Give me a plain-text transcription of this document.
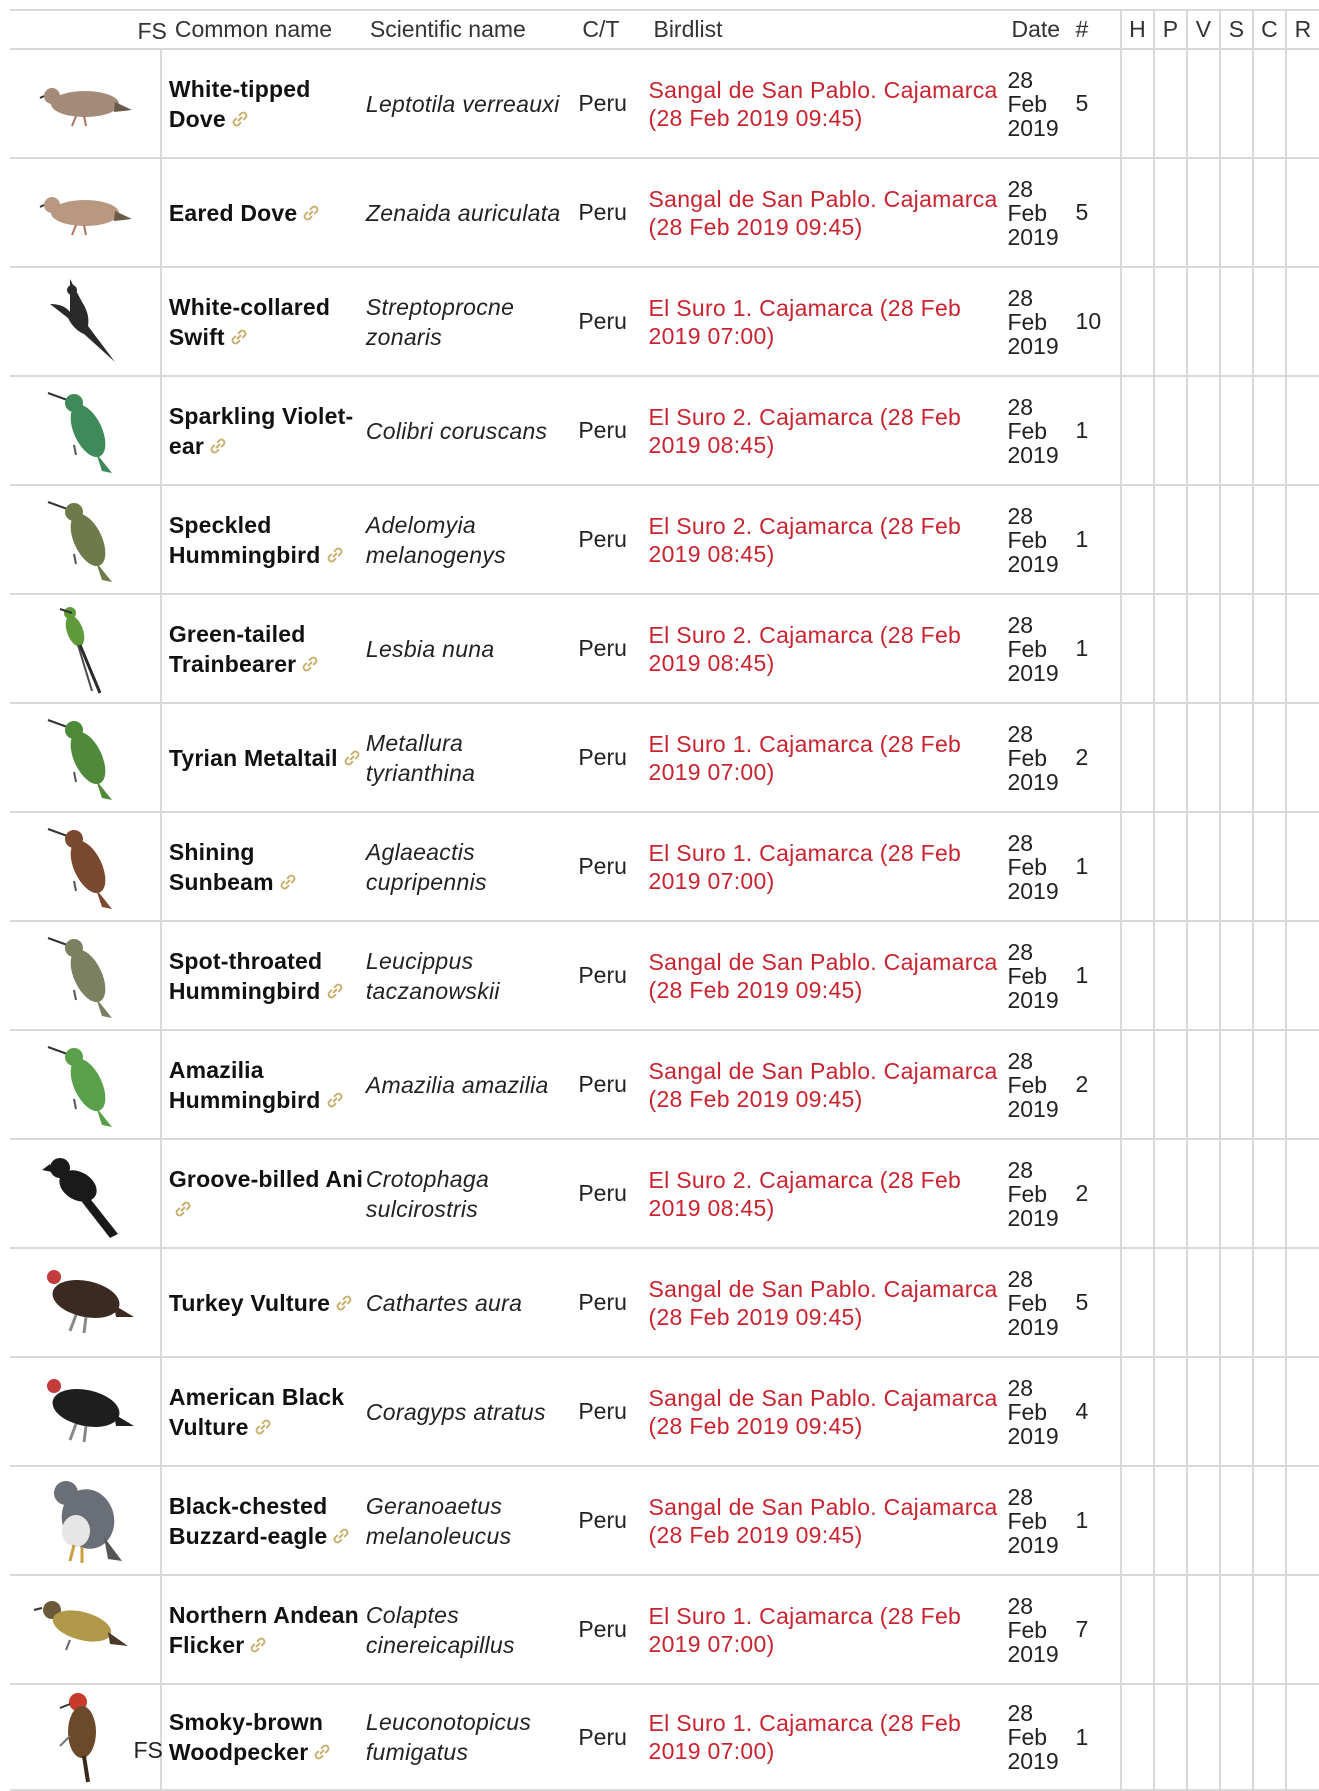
	FS	Common name	Scientific name	C/T	Birdlist	Date	#	H	P	V	S	C	R

	White-tipped Dove	Leptotila verreauxi	Peru	Sangal de San Pablo. Cajamarca (28 Feb 2019 09:45)	28
Feb
2019	5						

	Eared Dove	Zenaida auriculata	Peru	Sangal de San Pablo. Cajamarca (28 Feb 2019 09:45)	28
Feb
2019	5						

	White-collared Swift	Streptoprocne zonaris	Peru	El Suro 1. Cajamarca (28 Feb 2019 07:00)	28
Feb
2019	10						

	Sparkling Violet-ear	Colibri coruscans	Peru	El Suro 2. Cajamarca (28 Feb 2019 08:45)	28
Feb
2019	1						

	Speckled Hummingbird	Adelomyia melanogenys	Peru	El Suro 2. Cajamarca (28 Feb 2019 08:45)	28
Feb
2019	1						

	Green-tailed Trainbearer	Lesbia nuna	Peru	El Suro 2. Cajamarca (28 Feb 2019 08:45)	28
Feb
2019	1						

	Tyrian Metaltail	Metallura tyrianthina	Peru	El Suro 1. Cajamarca (28 Feb 2019 07:00)	28
Feb
2019	2						

	Shining Sunbeam	Aglaeactis cupripennis	Peru	El Suro 1. Cajamarca (28 Feb 2019 07:00)	28
Feb
2019	1						

	Spot-throated Hummingbird	Leucippus taczanowskii	Peru	Sangal de San Pablo. Cajamarca (28 Feb 2019 09:45)	28
Feb
2019	1						

	Amazilia Hummingbird	Amazilia amazilia	Peru	Sangal de San Pablo. Cajamarca (28 Feb 2019 09:45)	28
Feb
2019	2						

	Groove-billed Ani	Crotophaga sulcirostris	Peru	El Suro 2. Cajamarca (28 Feb 2019 08:45)	28
Feb
2019	2						

	Turkey Vulture	Cathartes aura	Peru	Sangal de San Pablo. Cajamarca (28 Feb 2019 09:45)	28
Feb
2019	5						

	American Black Vulture	Coragyps atratus	Peru	Sangal de San Pablo. Cajamarca (28 Feb 2019 09:45)	28
Feb
2019	4						

	Black-chested Buzzard-eagle	Geranoaetus melanoleucus	Peru	Sangal de San Pablo. Cajamarca (28 Feb 2019 09:45)	28
Feb
2019	1						

	Northern Andean Flicker	Colaptes cinereicapillus	Peru	El Suro 1. Cajamarca (28 Feb 2019 07:00)	28
Feb
2019	7						

FS	Smoky-brown Woodpecker	Leuconotopicus fumigatus	Peru	El Suro 1. Cajamarca (28 Feb 2019 07:00)	28
Feb
2019	1						
